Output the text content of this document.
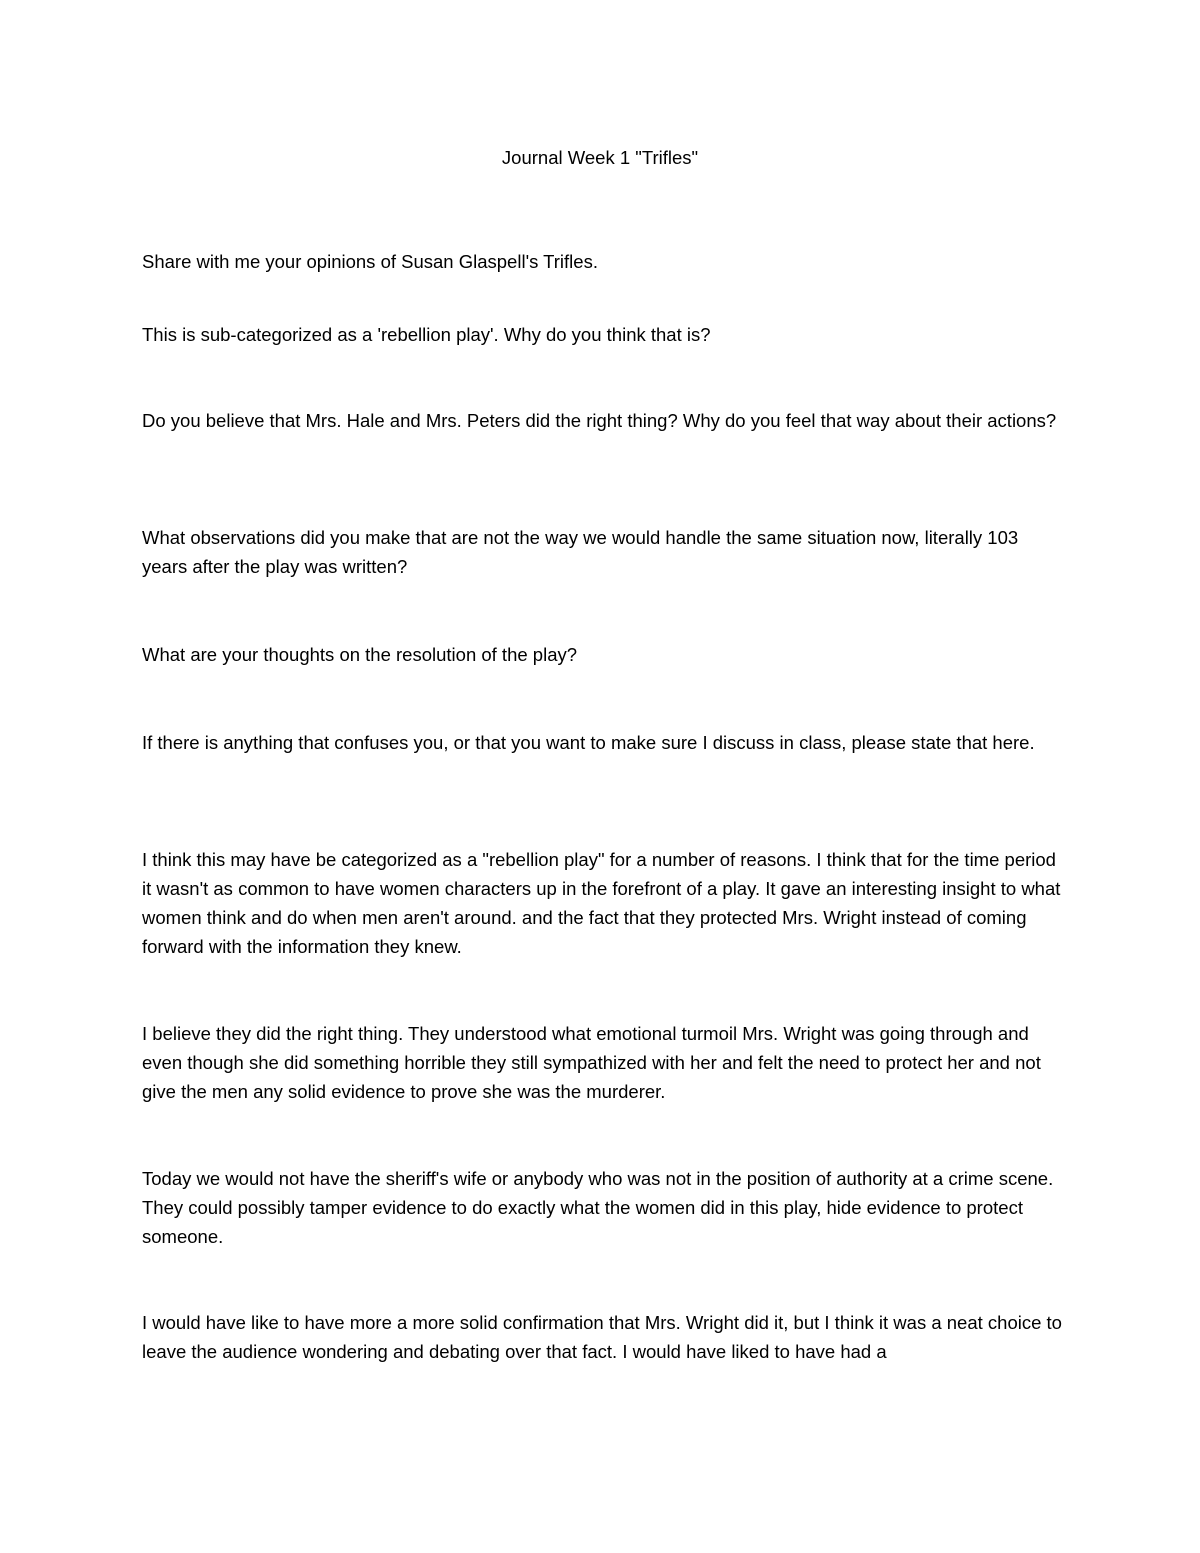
Journal Week 1 "Trifles"

Share with me your opinions of Susan Glaspell's Trifles.

This is sub-categorized as a 'rebellion play'. Why do you think that is?

Do you believe that Mrs. Hale and Mrs. Peters did the right thing? Why do you feel that way about their actions?

What observations did you make that are not the way we would handle the same situation now, literally 103 years after the play was written?

What are your thoughts on the resolution of the play?

If there is anything that confuses you, or that you want to make sure I discuss in class, please state that here.

I think this may have be categorized as a "rebellion play" for a number of reasons. I think that for the time period it wasn't as common to have women characters up in the forefront of a play. It gave an interesting insight to what women think and do when men aren't around. and the fact that they protected Mrs. Wright instead of coming forward with the information they knew.

I believe they did the right thing. They understood what emotional turmoil Mrs. Wright was going through and even though she did something horrible they still sympathized with her and felt the need to protect her and not give the men any solid evidence to prove she was the murderer.

Today we would not have the sheriff's wife or anybody who was not in the position of authority at a crime scene. They could possibly tamper evidence to do exactly what the women did in this play, hide evidence to protect someone.

I would have like to have more a more solid confirmation that Mrs. Wright did it, but I think it was a neat choice to leave the audience wondering and debating over that fact. I would have liked to have had a
